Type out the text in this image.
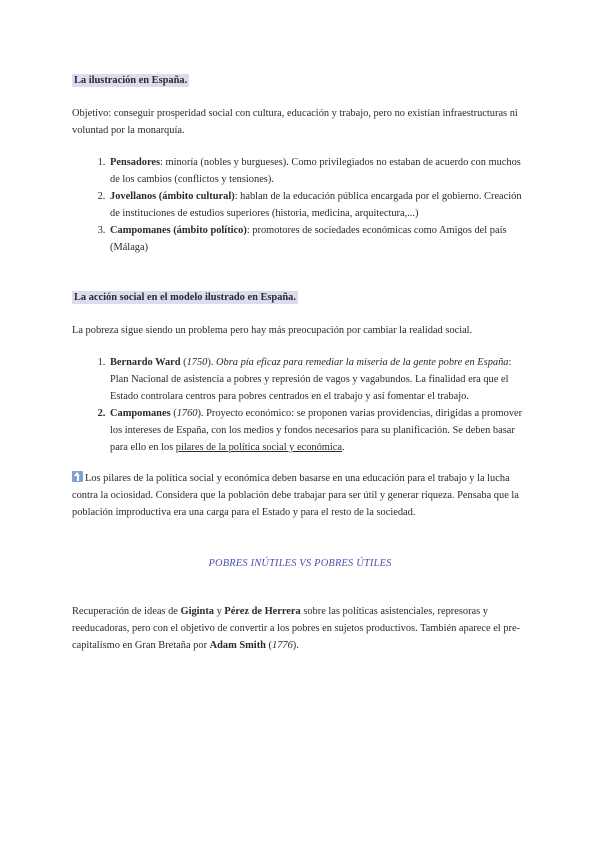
La ilustración en España.

Objetivo: conseguir prosperidad social con cultura, educación y trabajo, pero no existían infraestructuras ni voluntad por la monarquía.

1. Pensadores: minoría (nobles y burgueses). Como privilegiados no estaban de acuerdo con muchos de los cambios (conflictos y tensiones).
2. Jovellanos (ámbito cultural): hablan de la educación pública encargada por el gobierno. Creación de instituciones de estudios superiores (historia, medicina, arquitectura,...)
3. Campomanes (ámbito político): promotores de sociedades económicas como Amigos del país (Málaga)
La acción social en el modelo ilustrado en España.

La pobreza sigue siendo un problema pero hay más preocupación por cambiar la realidad social.

1. Bernardo Ward (1750). Obra pía eficaz para remediar la miseria de la gente pobre en España: Plan Nacional de asistencia a pobres y represión de vagos y vagabundos. La finalidad era que el Estado controlara centros para pobres centrados en el trabajo y así fomentar el trabajo.
2. Campomanes (1760). Proyecto económico: se proponen varias providencias, dirigidas a promover los intereses de España, con los medios y fondos necesarios para su planificación. Se deben basar para ello en los pilares de la política social y económica.

Los pilares de la política social y económica deben basarse en una educación para el trabajo y la lucha contra la ociosidad. Considera que la población debe trabajar para ser útil y generar riqueza. Pensaba que la población improductiva era una carga para el Estado y para el resto de la sociedad.

POBRES INÚTILES VS POBRES ÚTILES

Recuperación de ideas de Giginta y Pérez de Herrera sobre las políticas asistenciales, represoras y reeducadoras, pero con el objetivo de convertir a los pobres en sujetos productivos. También aparece el pre-capitalismo en Gran Bretaña por Adam Smith (1776).
